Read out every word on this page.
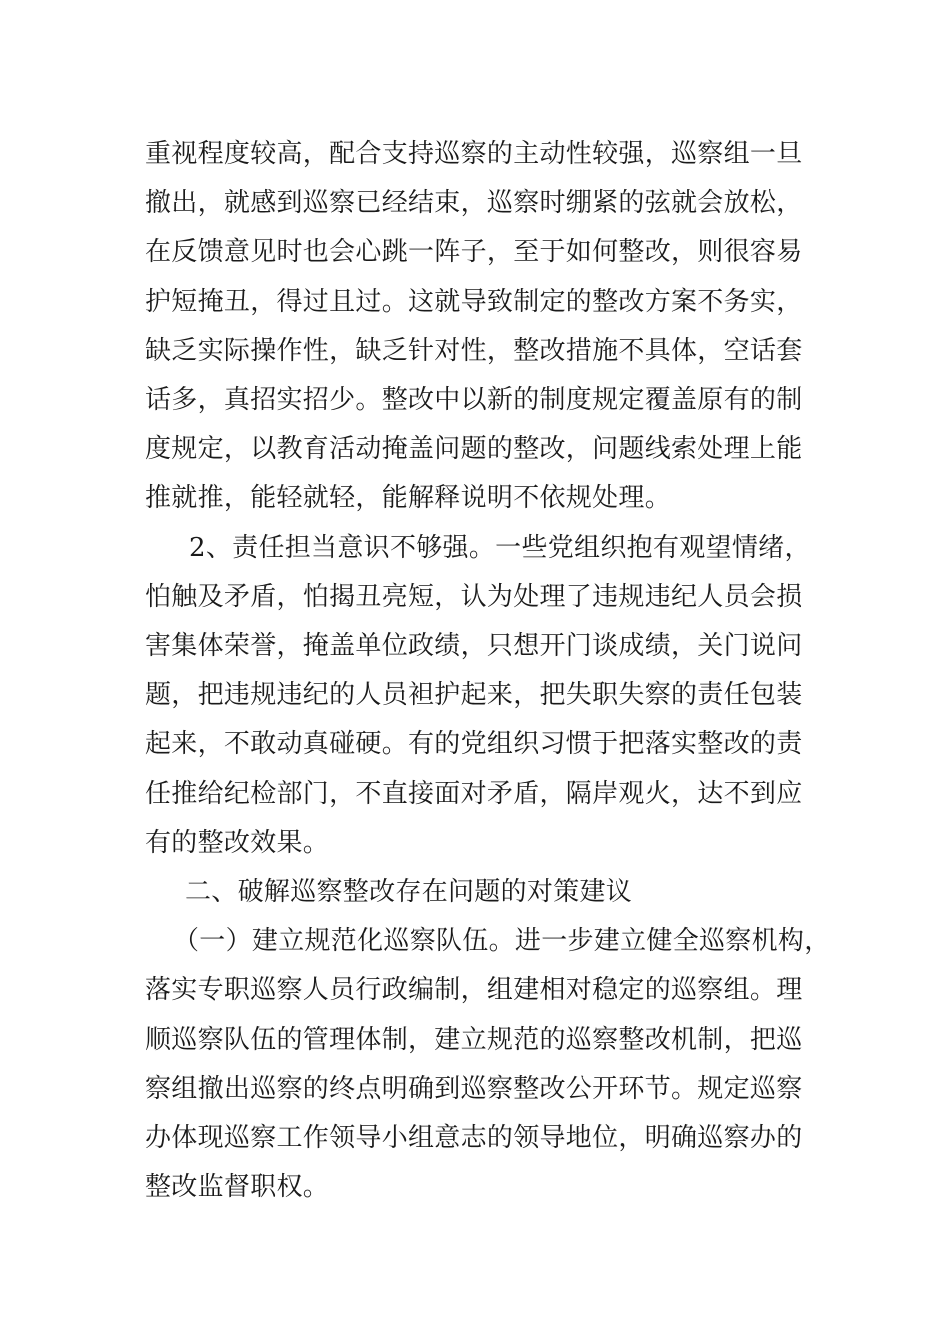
重视程度较高，配合支持巡察的主动性较强，巡察组一旦
撤出，就感到巡察已经结束，巡察时绷紧的弦就会放松，
在反馈意见时也会心跳一阵子，至于如何整改，则很容易
护短掩丑，得过且过。这就导致制定的整改方案不务实，
缺乏实际操作性，缺乏针对性，整改措施不具体，空话套
话多，真招实招少。整改中以新的制度规定覆盖原有的制
度规定，以教育活动掩盖问题的整改，问题线索处理上能
推就推，能轻就轻，能解释说明不依规处理。

2、责任担当意识不够强。一些党组织抱有观望情绪，
怕触及矛盾，怕揭丑亮短，认为处理了违规违纪人员会损
害集体荣誉，掩盖单位政绩，只想开门谈成绩，关门说问
题，把违规违纪的人员袒护起来，把失职失察的责任包装
起来，不敢动真碰硬。有的党组织习惯于把落实整改的责
任推给纪检部门，不直接面对矛盾，隔岸观火，达不到应
有的整改效果。

二、破解巡察整改存在问题的对策建议

（一）建立规范化巡察队伍。进一步建立健全巡察机构，
落实专职巡察人员行政编制，组建相对稳定的巡察组。理
顺巡察队伍的管理体制，建立规范的巡察整改机制，把巡
察组撤出巡察的终点明确到巡察整改公开环节。规定巡察
办体现巡察工作领导小组意志的领导地位，明确巡察办的
整改监督职权。
